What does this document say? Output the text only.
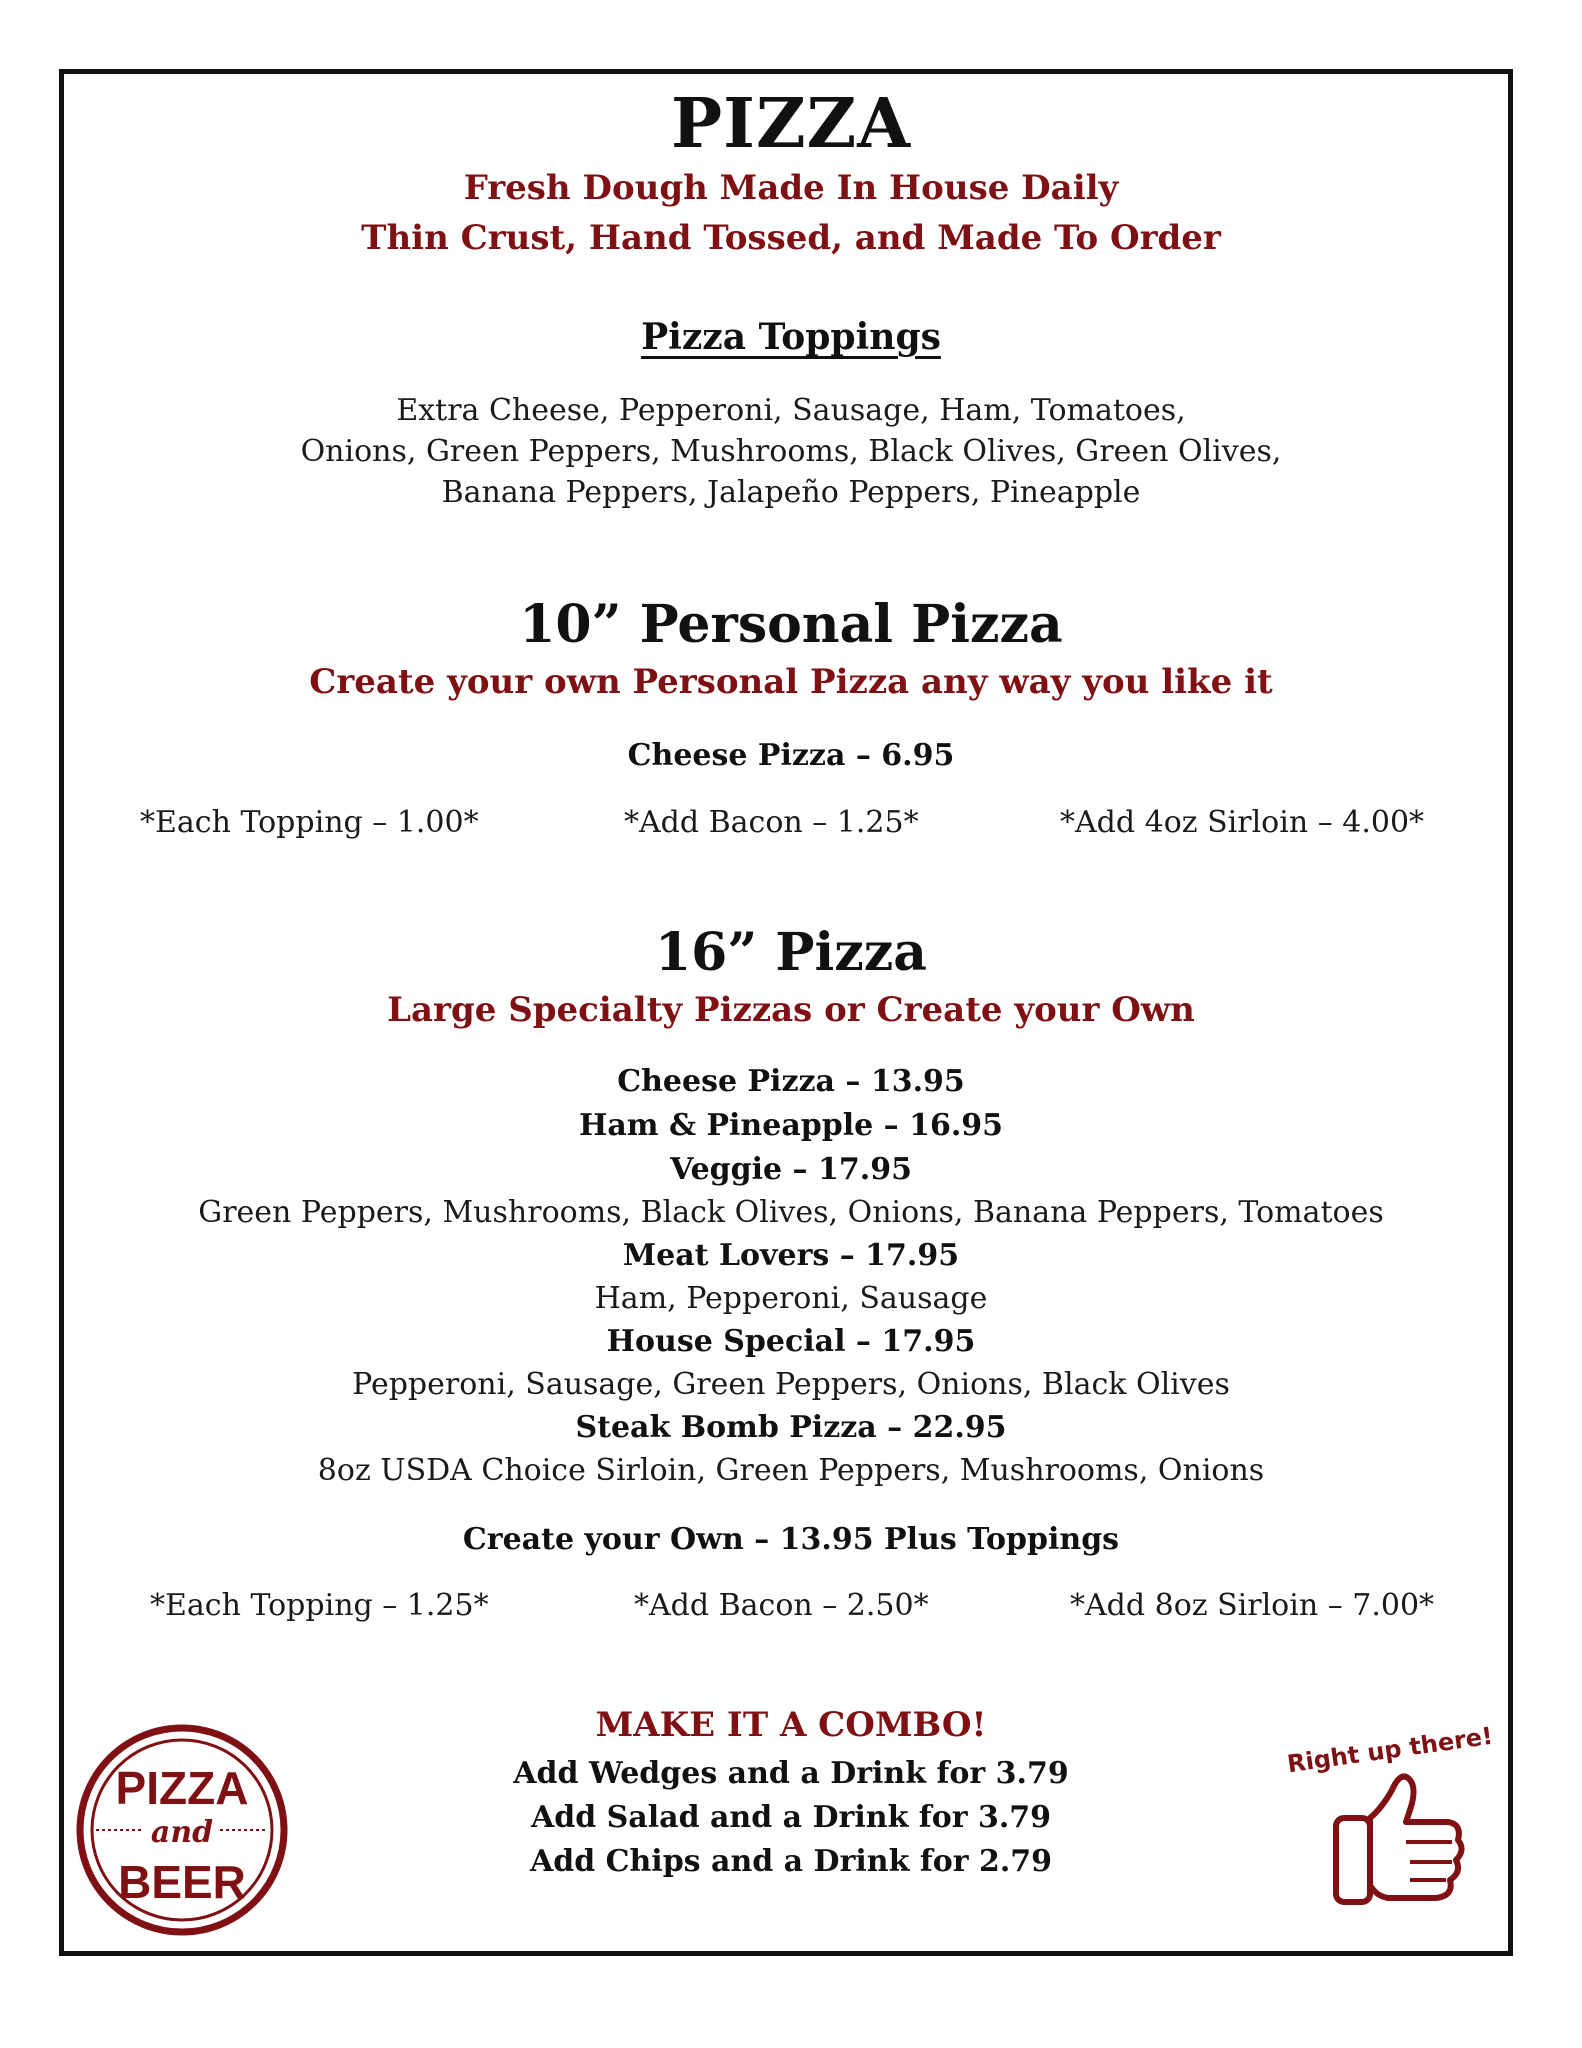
PIZZA
Fresh Dough Made In House Daily
Thin Crust, Hand Tossed, and Made To Order
Pizza Toppings
Extra Cheese, Pepperoni, Sausage, Ham, Tomatoes,
Onions, Green Peppers, Mushrooms, Black Olives, Green Olives,
Banana Peppers, Jalapeño Peppers, Pineapple
10” Personal Pizza
Create your own Personal Pizza any way you like it
Cheese Pizza – 6.95
*Each Topping – 1.00*	*Add Bacon – 1.25*	*Add 4oz Sirloin – 4.00*
16” Pizza
Large Specialty Pizzas or Create your Own
Cheese Pizza – 13.95
Ham & Pineapple – 16.95
Veggie – 17.95
Green Peppers, Mushrooms, Black Olives, Onions, Banana Peppers, Tomatoes
Meat Lovers – 17.95
Ham, Pepperoni, Sausage
House Special – 17.95
Pepperoni, Sausage, Green Peppers, Onions, Black Olives
Steak Bomb Pizza – 22.95
8oz USDA Choice Sirloin, Green Peppers, Mushrooms, Onions
Create your Own – 13.95 Plus Toppings
*Each Topping – 1.25*	*Add Bacon – 2.50*	*Add 8oz Sirloin – 7.00*
MAKE IT A COMBO!
Add Wedges and a Drink for 3.79
Add Salad and a Drink for 3.79
Add Chips and a Drink for 2.79
PIZZA
and
BEER
Right up there!
